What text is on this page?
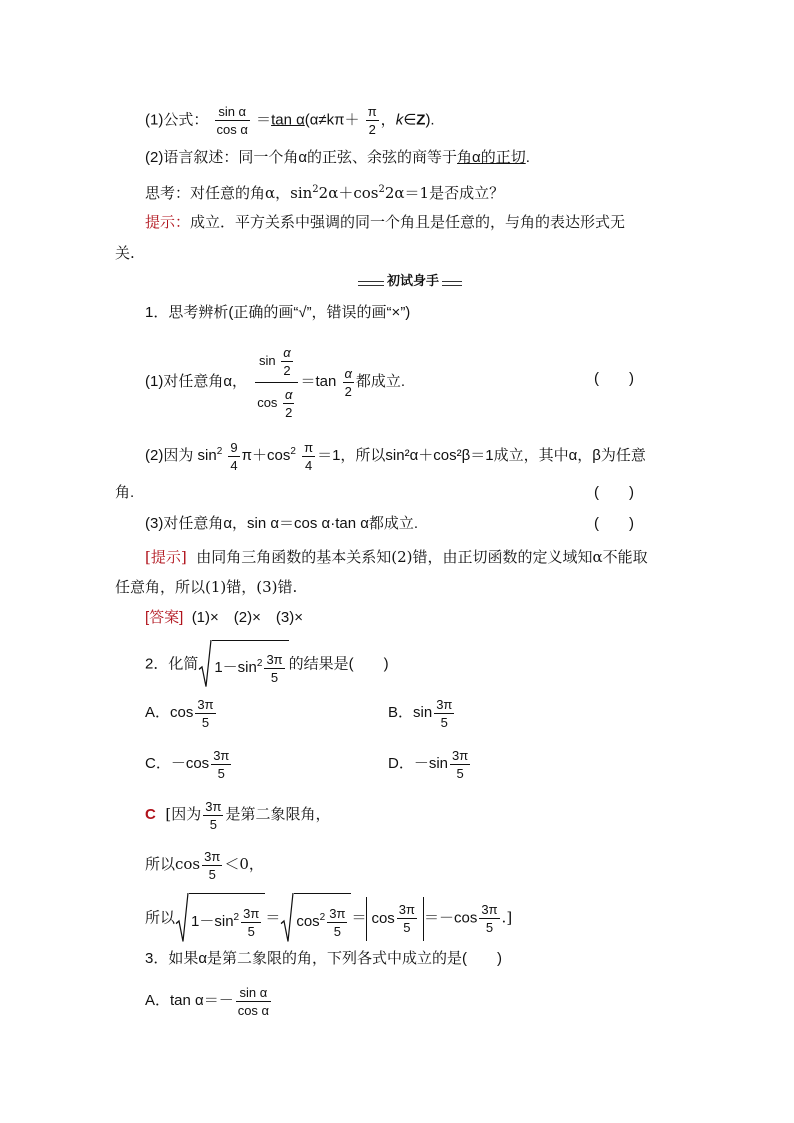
(1)公式： $\frac{\text{sin α}}{\text{cos α}} =\tan$ $\alpha(\alpha\ne k\pi+ \frac{\pi}{2}$ ，k∈Z).
(2)语言叙述：同一个角α的正弦、余弦的商等于角α的正切.
思考：对任意的角α，$\sin^22\alpha+\cos^22\alpha=1$是否成立？
提示：成立．平方关系中强调的同一个角且是任意的，与角的表达形式无
关.
初试身手
1．思考辨析(正确的画“√”，错误的画“×”)
(1)对任意角α， $\frac{\sin \frac{\alpha}{2}}{\cos \frac{\alpha}{2}} =\tan \frac{\alpha}{2}$ 都成立.	(　　)
(2)因为 $\sin^2 \frac{9}{4} \pi+\cos^2 \frac{\pi}{4} =1$，所以sin²α＋cos²β＝1成立，其中α，β为任意
角.	(　　)
(3)对任意角α，sin α＝cos α·tan α都成立.	(　　)
[提示] 由同角三角函数的基本关系知(2)错，由正切函数的定义域知α不能取
任意角，所以(1)错，(3)错.
[答案] (1)×　(2)×　(3)×
2．化简 $1-\sin^2 \frac{3\pi}{5}$ 的结果是(　　)
A．$\cos \frac{3\pi}{5}$	B．$\sin \frac{3\pi}{5}$
C．$-\cos \frac{3\pi}{5}$	D．$-\sin \frac{3\pi}{5}$
C [因为 $\frac{3\pi}{5}$ 是第二象限角，
所以$\cos \frac{3\pi}{5} <0$，
所以 $1-\sin^2 \frac{3\pi}{5} = \cos^2 \frac{3\pi}{5} = \cos \frac{3\pi}{5} =-\cos \frac{3\pi}{5}$ .]
3．如果α是第二象限的角，下列各式中成立的是(　　)
A．$\tan \alpha=- \frac{\text{sin α}}{\text{cos α}}$
